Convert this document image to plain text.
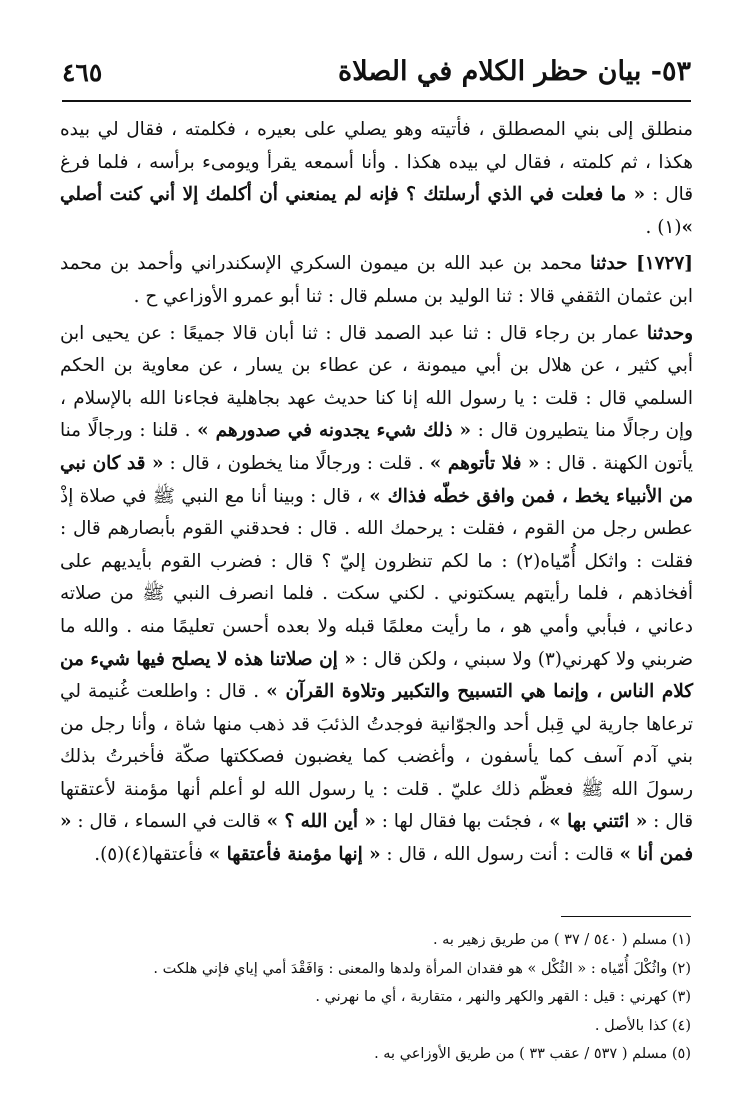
٥٣- بيان حظر الكلام في الصلاة
٤٦٥

منطلق إلى بني المصطلق ، فأتيته وهو يصلي على بعيره ، فكلمته ، فقال لي بيده هكذا ، ثم كلمته ، فقال لي بيده هكذا . وأنا أسمعه يقرأ ويومىء برأسه ، فلما فرغ قال : « ما فعلت في الذي أرسلتك ؟ فإنه لم يمنعني أن أكلمك إلا أني كنت أصلي »(١) .

[١٧٢٧] حدثنا محمد بن عبد الله بن ميمون السكري الإسكندراني وأحمد بن محمد ابن عثمان الثقفي قالا : ثنا الوليد بن مسلم قال : ثنا أبو عمرو الأوزاعي ح .

وحدثنا عمار بن رجاء قال : ثنا عبد الصمد قال : ثنا أبان قالا جميعًا : عن يحيى ابن أبي كثير ، عن هلال بن أبي ميمونة ، عن عطاء بن يسار ، عن معاوية بن الحكم السلمي قال : قلت : يا رسول الله إنا كنا حديث عهد بجاهلية فجاءنا الله بالإسلام ، وإن رجالًا منا يتطيرون قال : « ذلك شيء يجدونه في صدورهم » . قلنا : ورجالًا منا يأتون الكهنة . قال : « فلا تأتوهم » . قلت : ورجالًا منا يخطون ، قال : « قد كان نبي من الأنبياء يخط ، فمن وافق خطّه فذاك » ، قال : وبينا أنا مع النبي ﷺ في صلاة إذْ عطس رجل من القوم ، فقلت : يرحمك الله . قال : فحدقني القوم بأبصارهم قال : فقلت : واثكل أُمّياه(٢) : ما لكم تنظرون إليّ ؟ قال : فضرب القوم بأيديهم على أفخاذهم ، فلما رأيتهم يسكتوني . لكني سكت . فلما انصرف النبي ﷺ من صلاته دعاني ، فبأبي وأمي هو ، ما رأيت معلمًا قبله ولا بعده أحسن تعليمًا منه . والله ما ضربني ولا كهرني(٣) ولا سبني ، ولكن قال : « إن صلاتنا هذه لا يصلح فيها شيء من كلام الناس ، وإنما هي التسبيح والتكبير وتلاوة القرآن » . قال : واطلعت غُنيمة لي ترعاها جارية لي قِبل أحد والجوّانية فوجدتُ الذئبَ قد ذهب منها شاة ، وأنا رجل من بني آدم آسف كما يأسفون ، وأغضب كما يغضبون فصككتها صكّة فأخبرتُ بذلك رسولَ الله ﷺ فعظّم ذلك عليّ . قلت : يا رسول الله لو أعلم أنها مؤمنة لأعتقتها قال : « ائتني بها » ، فجئت بها فقال لها : « أين الله ؟ » قالت في السماء ، قال : « فمن أنا » قالت : أنت رسول الله ، قال : « إنها مؤمنة فأعتقها » فأعتقها(٤)(٥).

(١) مسلم ( ٥٤٠ / ٣٧ ) من طريق زهير به .
(٢) واثُكْلَ أُمّياه : « الثُكْل » هو فقدان المرأة ولدها والمعنى : وَافَقْدَ أمي إياي فإني هلكت .
(٣) كهرني : قيل : القهر والكهر والنهر ، متقاربة ، أي ما نهرني .
(٤) كذا بالأصل .
(٥) مسلم ( ٥٣٧ / عقب ٣٣ ) من طريق الأوزاعي به .
